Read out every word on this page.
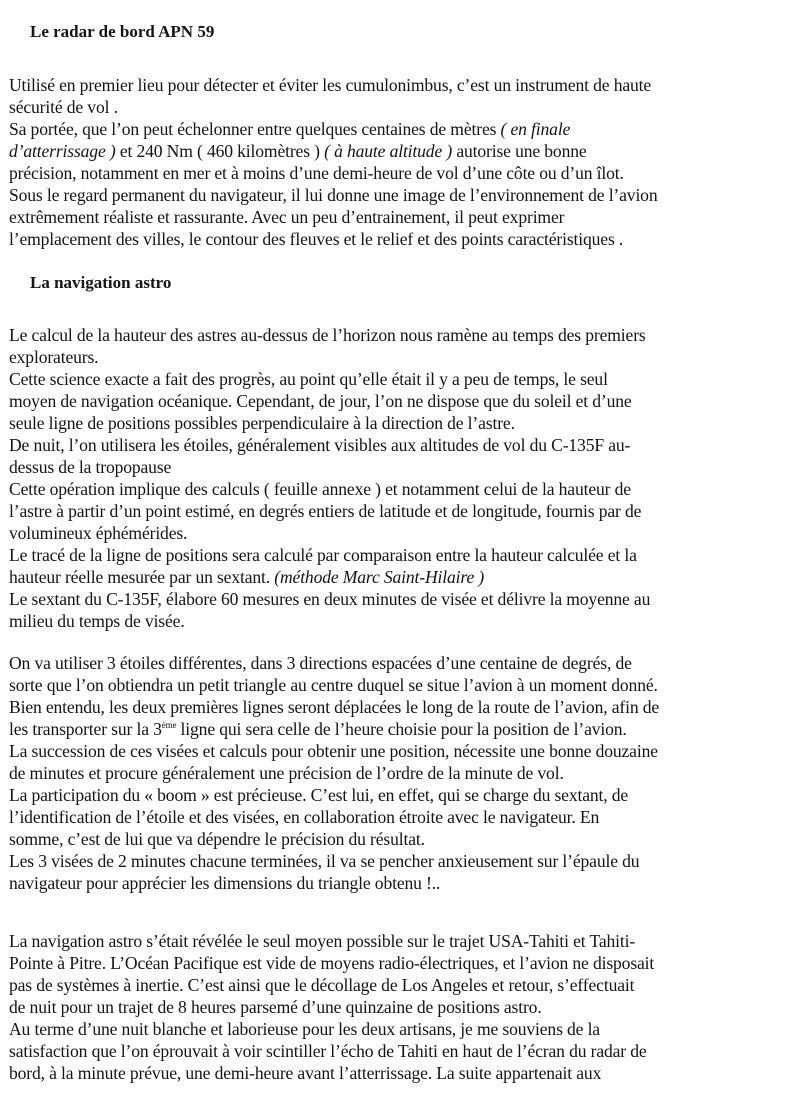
Le radar de bord APN 59
Utilisé en premier lieu pour détecter et éviter les cumulonimbus, c’est un instrument de haute
sécurité de vol .
Sa portée, que l’on peut échelonner entre quelques centaines de mètres ( en finale
d’atterrissage ) et 240 Nm ( 460 kilomètres ) ( à haute altitude ) autorise une bonne
précision, notamment en mer et à moins d’une demi-heure de vol d’une côte ou d’un îlot.
Sous le regard permanent du navigateur, il lui donne une image de l’environnement de l’avion
extrêmement réaliste et rassurante. Avec un peu d’entrainement, il peut exprimer
l’emplacement des villes, le contour des fleuves et le relief et des points caractéristiques .
La navigation astro
Le calcul de la hauteur des astres au-dessus de l’horizon nous ramène au temps des premiers
explorateurs.
Cette science exacte a fait des progrès, au point qu’elle était il y a peu de temps, le seul
moyen de navigation océanique. Cependant, de jour, l’on ne dispose que du soleil et d’une
seule ligne de positions possibles perpendiculaire à la direction de l’astre.
De nuit, l’on utilisera les étoiles, généralement visibles aux altitudes de vol du C-135F au-
dessus de la tropopause
Cette opération implique des calculs ( feuille annexe ) et notamment celui de la hauteur de
l’astre à partir d’un point estimé, en degrés entiers de latitude et de longitude, fournis par de
volumineux éphémérides.
Le tracé de la ligne de positions sera calculé par comparaison entre la hauteur calculée et la
hauteur réelle mesurée par un sextant. (méthode Marc Saint-Hilaire )
Le sextant du C-135F, élabore 60 mesures en deux minutes de visée et délivre la moyenne au
milieu du temps de visée.
On va utiliser 3 étoiles différentes, dans 3 directions espacées d’une centaine de degrés, de
sorte que l’on obtiendra un petit triangle au centre duquel se situe l’avion à un moment donné.
Bien entendu, les deux premières lignes seront déplacées le long de la route de l’avion, afin de
les transporter sur la 3ème ligne qui sera celle de l’heure choisie pour la position de l’avion.
La succession de ces visées et calculs pour obtenir une position, nécessite une bonne douzaine
de minutes et procure généralement une précision de l’ordre de la minute de vol.
La participation du « boom » est précieuse. C’est lui, en effet, qui se charge du sextant, de
l’identification de l’étoile et des visées, en collaboration étroite avec le navigateur. En
somme, c’est de lui que va dépendre le précision du résultat.
Les 3 visées de 2 minutes chacune terminées, il va se pencher anxieusement sur l’épaule du
navigateur pour apprécier les dimensions du triangle obtenu !..
La navigation astro s’était révélée le seul moyen possible sur le trajet USA-Tahiti et Tahiti-
Pointe à Pitre. L’Océan Pacifique est vide de moyens radio-électriques, et l’avion ne disposait
pas de systèmes à inertie. C’est ainsi que le décollage de Los Angeles et retour, s’effectuait
de nuit pour un trajet de 8 heures parsemé d’une quinzaine de positions astro.
Au terme d’une nuit blanche et laborieuse pour les deux artisans, je me souviens de la
satisfaction que l’on éprouvait à voir scintiller l’écho de Tahiti en haut de l’écran du radar de
bord, à la minute prévue, une demi-heure avant l’atterrissage. La suite appartenait aux
